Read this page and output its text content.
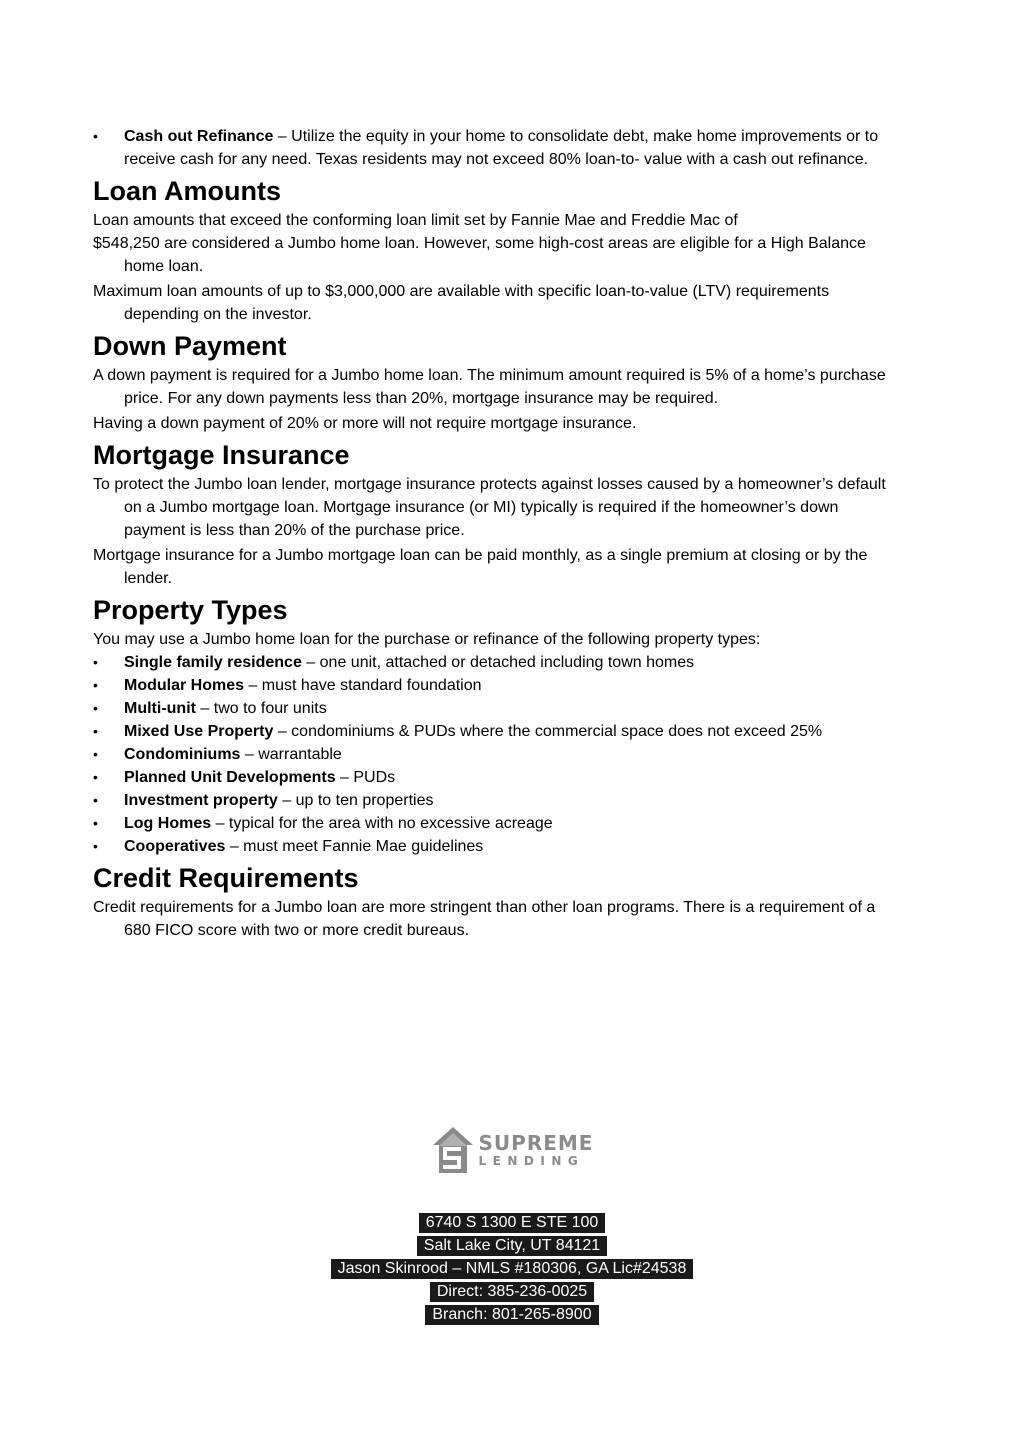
• Cash out Refinance – Utilize the equity in your home to consolidate debt, make home improvements or to receive cash for any need. Texas residents may not exceed 80% loan-to- value with a cash out refinance.
Loan Amounts

Loan amounts that exceed the conforming loan limit set by Fannie Mae and Freddie Mac of

$548,250 are considered a Jumbo home loan. However, some high-cost areas are eligible for a High Balance home loan.

Maximum loan amounts of up to $3,000,000 are available with specific loan-to-value (LTV) requirements depending on the investor.

Down Payment

A down payment is required for a Jumbo home loan. The minimum amount required is 5% of a home’s purchase price. For any down payments less than 20%, mortgage insurance may be required.

Having a down payment of 20% or more will not require mortgage insurance.

Mortgage Insurance

To protect the Jumbo loan lender, mortgage insurance protects against losses caused by a homeowner’s default on a Jumbo mortgage loan. Mortgage insurance (or MI) typically is required if the homeowner’s down payment is less than 20% of the purchase price.

Mortgage insurance for a Jumbo mortgage loan can be paid monthly, as a single premium at closing or by the lender.

Property Types

You may use a Jumbo home loan for the purchase or refinance of the following property types:

• Single family residence – one unit, attached or detached including town homes
• Modular Homes – must have standard foundation
• Multi-unit – two to four units
• Mixed Use Property – condominiums & PUDs where the commercial space does not exceed 25%
• Condominiums – warrantable
• Planned Unit Developments – PUDs
• Investment property – up to ten properties
• Log Homes – typical for the area with no excessive acreage
• Cooperatives – must meet Fannie Mae guidelines
Credit Requirements

Credit requirements for a Jumbo loan are more stringent than other loan programs. There is a requirement of a 680 FICO score with two or more credit bureaus.

SUPREME
LENDING
6740 S 1300 E STE 100
Salt Lake City, UT 84121
Jason Skinrood – NMLS #180306, GA Lic#24538
Direct: 385-236-0025
Branch: 801-265-8900
